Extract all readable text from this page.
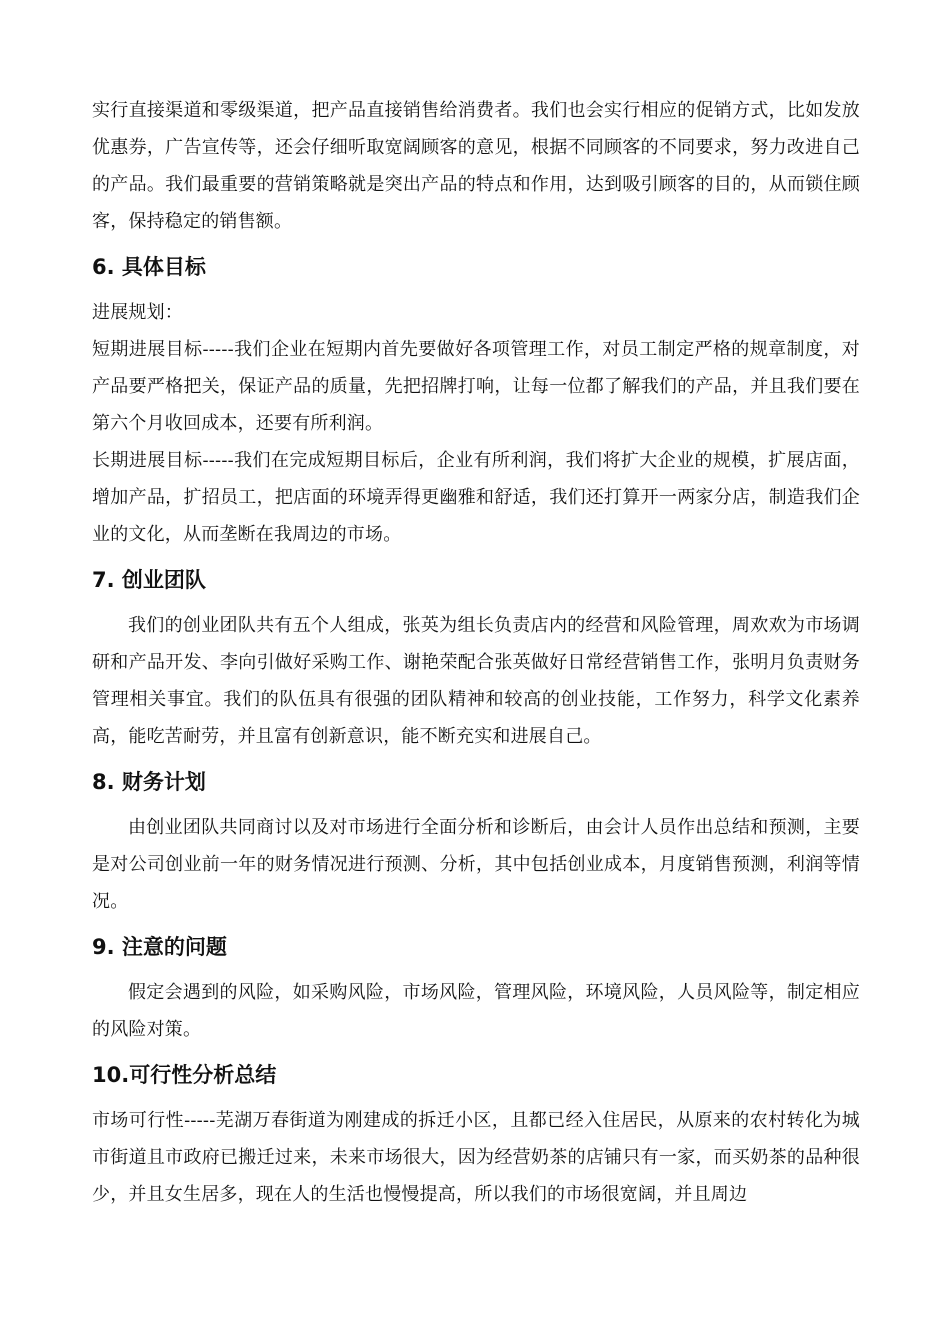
实行直接渠道和零级渠道，把产品直接销售给消费者。我们也会实行相应的促销方式，比如发放优惠券，广告宣传等，还会仔细听取宽阔顾客的意见，根据不同顾客的不同要求，努力改进自己的产品。我们最重要的营销策略就是突出产品的特点和作用，达到吸引顾客的目的，从而锁住顾客，保持稳定的销售额。

6. 具体目标

进展规划：

短期进展目标-----我们企业在短期内首先要做好各项管理工作，对员工制定严格的规章制度，对产品要严格把关，保证产品的质量，先把招牌打响，让每一位都了解我们的产品，并且我们要在第六个月收回成本，还要有所利润。

长期进展目标-----我们在完成短期目标后，企业有所利润，我们将扩大企业的规模，扩展店面，增加产品，扩招员工，把店面的环境弄得更幽雅和舒适，我们还打算开一两家分店，制造我们企业的文化，从而垄断在我周边的市场。

7. 创业团队

我们的创业团队共有五个人组成，张英为组长负责店内的经营和风险管理，周欢欢为市场调研和产品开发、李向引做好采购工作、谢艳荣配合张英做好日常经营销售工作，张明月负责财务管理相关事宜。我们的队伍具有很强的团队精神和较高的创业技能，工作努力，科学文化素养高，能吃苦耐劳，并且富有创新意识，能不断充实和进展自己。

8. 财务计划

由创业团队共同商讨以及对市场进行全面分析和诊断后，由会计人员作出总结和预测，主要是对公司创业前一年的财务情况进行预测、分析，其中包括创业成本，月度销售预测，利润等情况。

9. 注意的问题

假定会遇到的风险，如采购风险，市场风险，管理风险，环境风险，人员风险等，制定相应的风险对策。

10.可行性分析总结

市场可行性-----芜湖万春街道为刚建成的拆迁小区，且都已经入住居民，从原来的农村转化为城市街道且市政府已搬迁过来，未来市场很大，因为经营奶茶的店铺只有一家，而买奶茶的品种很少，并且女生居多，现在人的生活也慢慢提高，所以我们的市场很宽阔，并且周边
